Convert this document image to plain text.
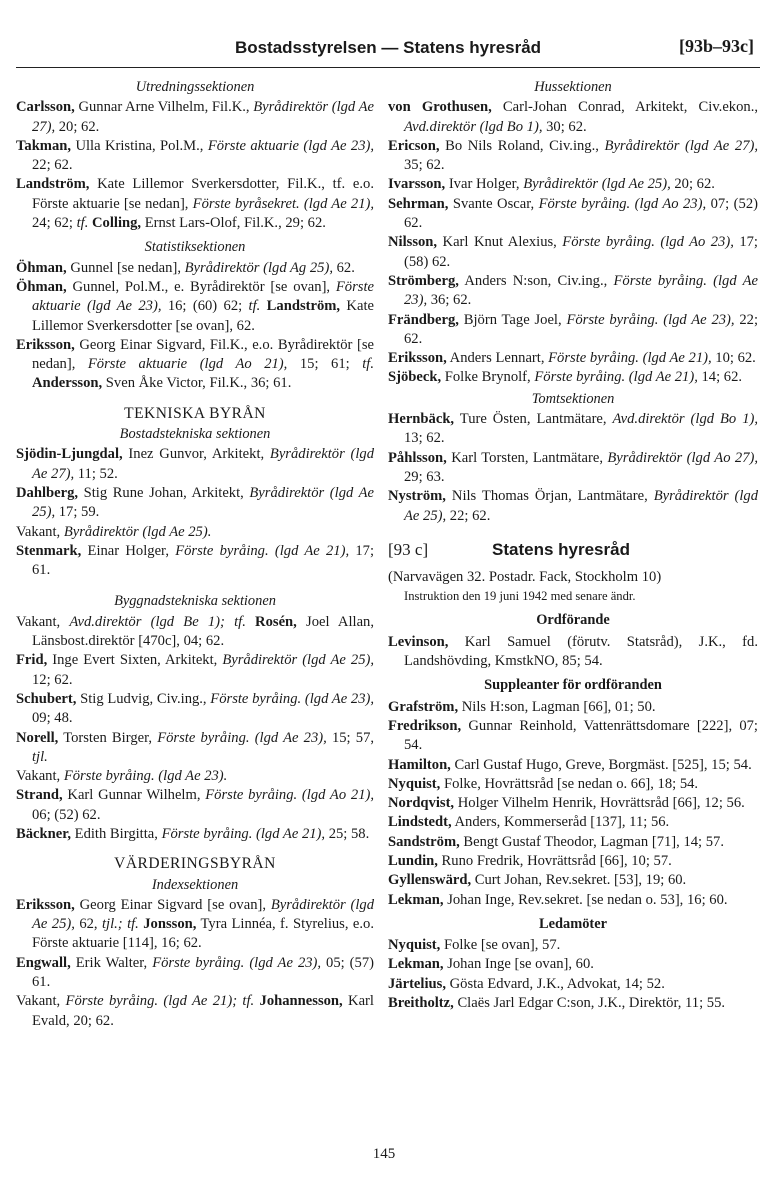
Bostadsstyrelsen — Statens hyresråd	[93b–93c]
Utredningssektionen

Carlsson, Gunnar Arne Vilhelm, Fil.K., Byrådirektör (lgd Ae 27), 20; 62.

Takman, Ulla Kristina, Pol.M., Förste aktuarie (lgd Ae 23), 22; 62.

Landström, Kate Lillemor Sverkersdotter, Fil.K., tf. e.o. Förste aktuarie [se nedan], Förste byråsekret. (lgd Ae 21), 24; 62; tf. Colling, Ernst Lars-Olof, Fil.K., 29; 62.

Statistiksektionen

Öhman, Gunnel [se nedan], Byrådirektör (lgd Ag 25), 62.

Öhman, Gunnel, Pol.M., e. Byrådirektör [se ovan], Förste aktuarie (lgd Ae 23), 16; (60) 62; tf. Landström, Kate Lillemor Sverkersdotter [se ovan], 62.

Eriksson, Georg Einar Sigvard, Fil.K., e.o. Byrådirektör [se nedan], Förste aktuarie (lgd Ao 21), 15; 61; tf. Andersson, Sven Åke Victor, Fil.K., 36; 61.

TEKNISKA BYRÅN
Bostadstekniska sektionen

Sjödin-Ljungdal, Inez Gunvor, Arkitekt, Byrådirektör (lgd Ae 27), 11; 52.

Dahlberg, Stig Rune Johan, Arkitekt, Byrådirektör (lgd Ae 25), 17; 59.

Vakant, Byrådirektör (lgd Ae 25).

Stenmark, Einar Holger, Förste byråing. (lgd Ae 21), 17; 61.

Byggnadstekniska sektionen

Vakant, Avd.direktör (lgd Be 1); tf. Rosén, Joel Allan, Länsbost.direktör [470c], 04; 62.

Frid, Inge Evert Sixten, Arkitekt, Byrådirektör (lgd Ae 25), 12; 62.

Schubert, Stig Ludvig, Civ.ing., Förste byråing. (lgd Ae 23), 09; 48.

Norell, Torsten Birger, Förste byråing. (lgd Ae 23), 15; 57, tjl.

Vakant, Förste byråing. (lgd Ae 23).

Strand, Karl Gunnar Wilhelm, Förste byråing. (lgd Ao 21), 06; (52) 62.

Bäckner, Edith Birgitta, Förste byråing. (lgd Ae 21), 25; 58.

VÄRDERINGSBYRÅN
Indexsektionen

Eriksson, Georg Einar Sigvard [se ovan], Byrådirektör (lgd Ae 25), 62, tjl.; tf. Jonsson, Tyra Linnéa, f. Styrelius, e.o. Förste aktuarie [114], 16; 62.

Engwall, Erik Walter, Förste byråing. (lgd Ae 23), 05; (57) 61.

Vakant, Förste byråing. (lgd Ae 21); tf. Johannesson, Karl Evald, 20; 62.

Hussektionen

von Grothusen, Carl-Johan Conrad, Arkitekt, Civ.ekon., Avd.direktör (lgd Bo 1), 30; 62.

Ericson, Bo Nils Roland, Civ.ing., Byrådirektör (lgd Ae 27), 35; 62.

Ivarsson, Ivar Holger, Byrådirektör (lgd Ae 25), 20; 62.

Sehrman, Svante Oscar, Förste byråing. (lgd Ao 23), 07; (52) 62.

Nilsson, Karl Knut Alexius, Förste byråing. (lgd Ao 23), 17; (58) 62.

Strömberg, Anders N:son, Civ.ing., Förste byråing. (lgd Ae 23), 36; 62.

Frändberg, Björn Tage Joel, Förste byråing. (lgd Ae 23), 22; 62.

Eriksson, Anders Lennart, Förste byråing. (lgd Ae 21), 10; 62.

Sjöbeck, Folke Brynolf, Förste byråing. (lgd Ae 21), 14; 62.

Tomtsektionen

Hernbäck, Ture Östen, Lantmätare, Avd.direktör (lgd Bo 1), 13; 62.

Påhlsson, Karl Torsten, Lantmätare, Byrådirektör (lgd Ao 27), 29; 63.

Nyström, Nils Thomas Örjan, Lantmätare, Byrådirektör (lgd Ae 25), 22; 62.

[93 c]	Statens hyresråd

(Narvavägen 32. Postadr. Fack, Stockholm 10)

Instruktion den 19 juni 1942 med senare ändr.

Ordförande

Levinson, Karl Samuel (förutv. Statsråd), J.K., fd. Landshövding, KmstkNO, 85; 54.

Suppleanter för ordföranden

Grafström, Nils H:son, Lagman [66], 01; 50.

Fredrikson, Gunnar Reinhold, Vattenrättsdomare [222], 07; 54.

Hamilton, Carl Gustaf Hugo, Greve, Borgmäst. [525], 15; 54.

Nyquist, Folke, Hovrättsråd [se nedan o. 66], 18; 54.

Nordqvist, Holger Vilhelm Henrik, Hovrättsråd [66], 12; 56.

Lindstedt, Anders, Kommerseråd [137], 11; 56.

Sandström, Bengt Gustaf Theodor, Lagman [71], 14; 57.

Lundin, Runo Fredrik, Hovrättsråd [66], 10; 57.

Gyllenswärd, Curt Johan, Rev.sekret. [53], 19; 60.

Lekman, Johan Inge, Rev.sekret. [se nedan o. 53], 16; 60.

Ledamöter

Nyquist, Folke [se ovan], 57.

Lekman, Johan Inge [se ovan], 60.

Järtelius, Gösta Edvard, J.K., Advokat, 14; 52.

Breitholtz, Claës Jarl Edgar C:son, J.K., Direktör, 11; 55.

145
